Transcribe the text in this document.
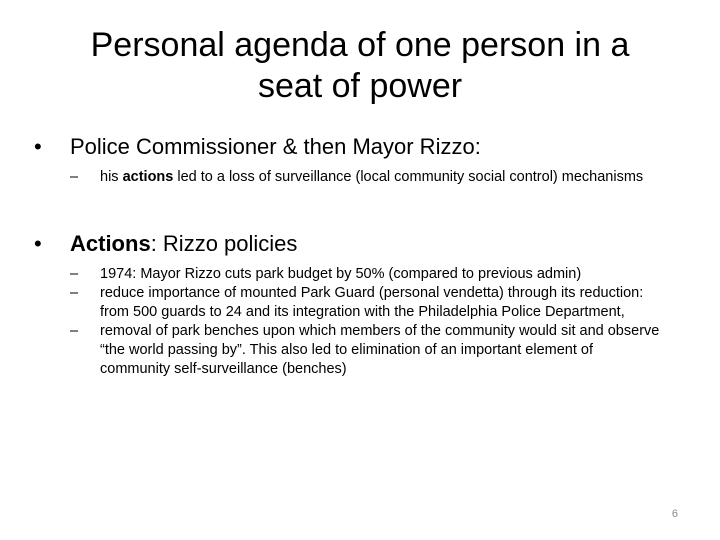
Personal agenda of one person in a seat of power
• Police Commissioner & then Mayor Rizzo:
– his actions led to a loss of surveillance (local community social control) mechanisms
• Actions: Rizzo policies
– 1974: Mayor Rizzo cuts park budget by 50% (compared to previous admin)
– reduce importance of mounted Park Guard (personal vendetta) through its reduction: from 500 guards to 24 and its integration with the Philadelphia Police Department,
– removal of park benches upon which members of the community would sit and observe “the world passing by”. This also led to elimination of an important element of community self-surveillance (benches)
6
